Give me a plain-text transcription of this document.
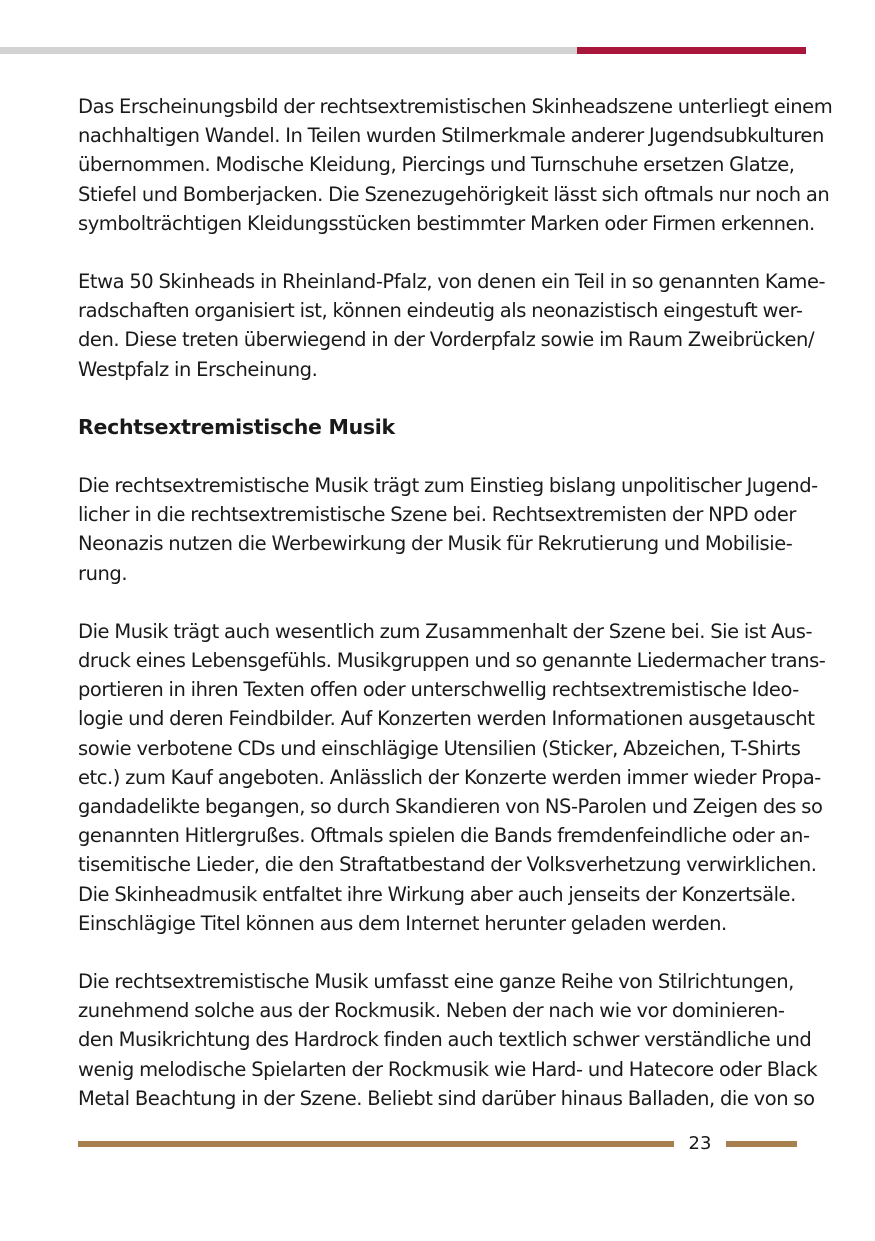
Das Erscheinungsbild der rechtsextremistischen Skinheadszene unterliegt einem
nachhaltigen Wandel. In Teilen wurden Stilmerkmale anderer Jugendsubkulturen
übernommen. Modische Kleidung, Piercings und Turnschuhe ersetzen Glatze,
Stiefel und Bomberjacken. Die Szenezugehörigkeit lässt sich oftmals nur noch an
symbolträchtigen Kleidungsstücken bestimmter Marken oder Firmen erkennen.

Etwa 50 Skinheads in Rheinland-Pfalz, von denen ein Teil in so genannten Kame-
radschaften organisiert ist, können eindeutig als neonazistisch eingestuft wer-
den. Diese treten überwiegend in der Vorderpfalz sowie im Raum Zweibrücken/
Westpfalz in Erscheinung.

Rechtsextremistische Musik

Die rechtsextremistische Musik trägt zum Einstieg bislang unpolitischer Jugend-
licher in die rechtsextremistische Szene bei. Rechtsextremisten der NPD oder
Neonazis nutzen die Werbewirkung der Musik für Rekrutierung und Mobilisie-
rung.

Die Musik trägt auch wesentlich zum Zusammenhalt der Szene bei. Sie ist Aus-
druck eines Lebensgefühls. Musikgruppen und so genannte Liedermacher trans-
portieren in ihren Texten offen oder unterschwellig rechtsextremistische Ideo-
logie und deren Feindbilder. Auf Konzerten werden Informationen ausgetauscht
sowie verbotene CDs und einschlägige Utensilien (Sticker, Abzeichen, T-Shirts
etc.) zum Kauf angeboten. Anlässlich der Konzerte werden immer wieder Propa-
gandadelikte begangen, so durch Skandieren von NS-Parolen und Zeigen des so
genannten Hitlergrußes. Oftmals spielen die Bands fremdenfeindliche oder an-
tisemitische Lieder, die den Straftatbestand der Volksverhetzung verwirklichen.
Die Skinheadmusik entfaltet ihre Wirkung aber auch jenseits der Konzertsäle.
Einschlägige Titel können aus dem Internet herunter geladen werden.

Die rechtsextremistische Musik umfasst eine ganze Reihe von Stilrichtungen,
zunehmend solche aus der Rockmusik. Neben der nach wie vor dominieren-
den Musikrichtung des Hardrock finden auch textlich schwer verständliche und
wenig melodische Spielarten der Rockmusik wie Hard- und Hatecore oder Black
Metal Beachtung in der Szene. Beliebt sind darüber hinaus Balladen, die von so

23
